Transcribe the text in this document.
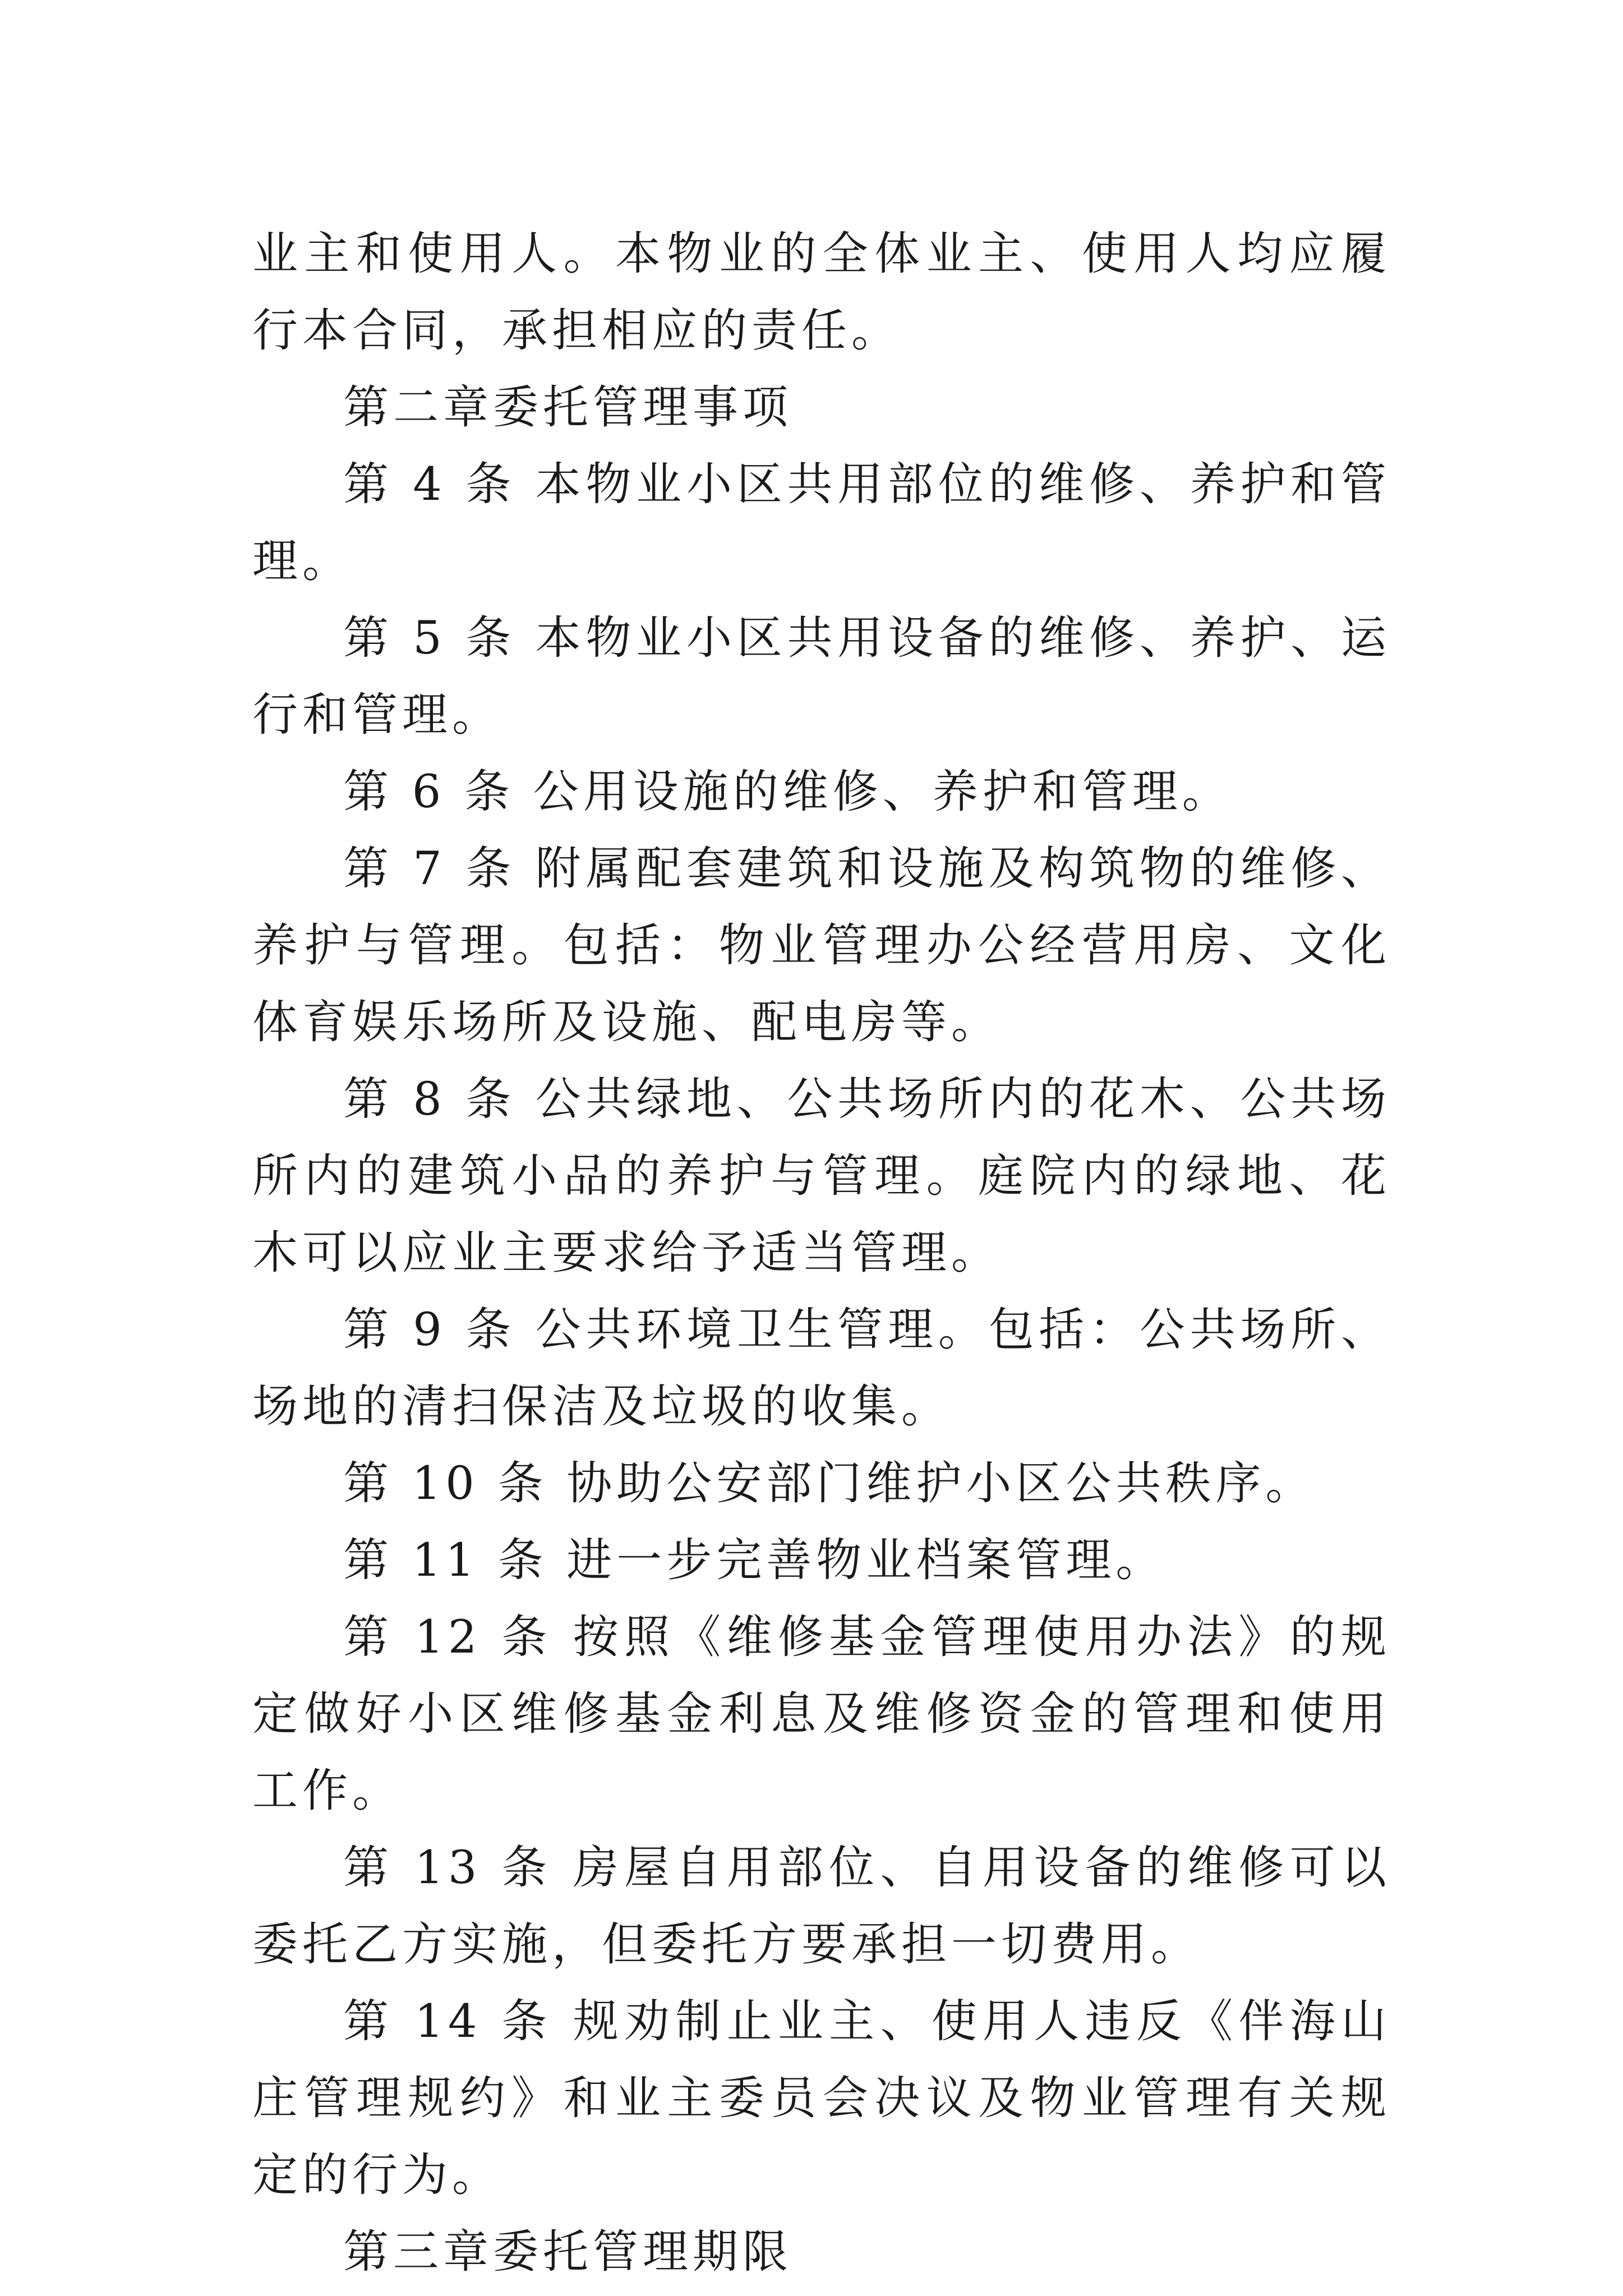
业主和使用人。本物业的全体业主、使用人均应履行本合同，承担相应的责任。

第二章委托管理事项

第 4 条 本物业小区共用部位的维修、养护和管理。

第 5 条 本物业小区共用设备的维修、养护、运行和管理。

第 6 条 公用设施的维修、养护和管理。

第 7 条 附属配套建筑和设施及构筑物的维修、养护与管理。包括：物业管理办公经营用房、文化体育娱乐场所及设施、配电房等。

第 8 条 公共绿地、公共场所内的花木、公共场所内的建筑小品的养护与管理。庭院内的绿地、花木可以应业主要求给予适当管理。

第 9 条 公共环境卫生管理。包括：公共场所、场地的清扫保洁及垃圾的收集。

第 10 条 协助公安部门维护小区公共秩序。

第 11 条 进一步完善物业档案管理。

第 12 条 按照《维修基金管理使用办法》的规定做好小区维修基金利息及维修资金的管理和使用工作。

第 13 条 房屋自用部位、自用设备的维修可以委托乙方实施，但委托方要承担一切费用。

第 14 条 规劝制止业主、使用人违反《伴海山庄管理规约》和业主委员会决议及物业管理有关规定的行为。

第三章委托管理期限
